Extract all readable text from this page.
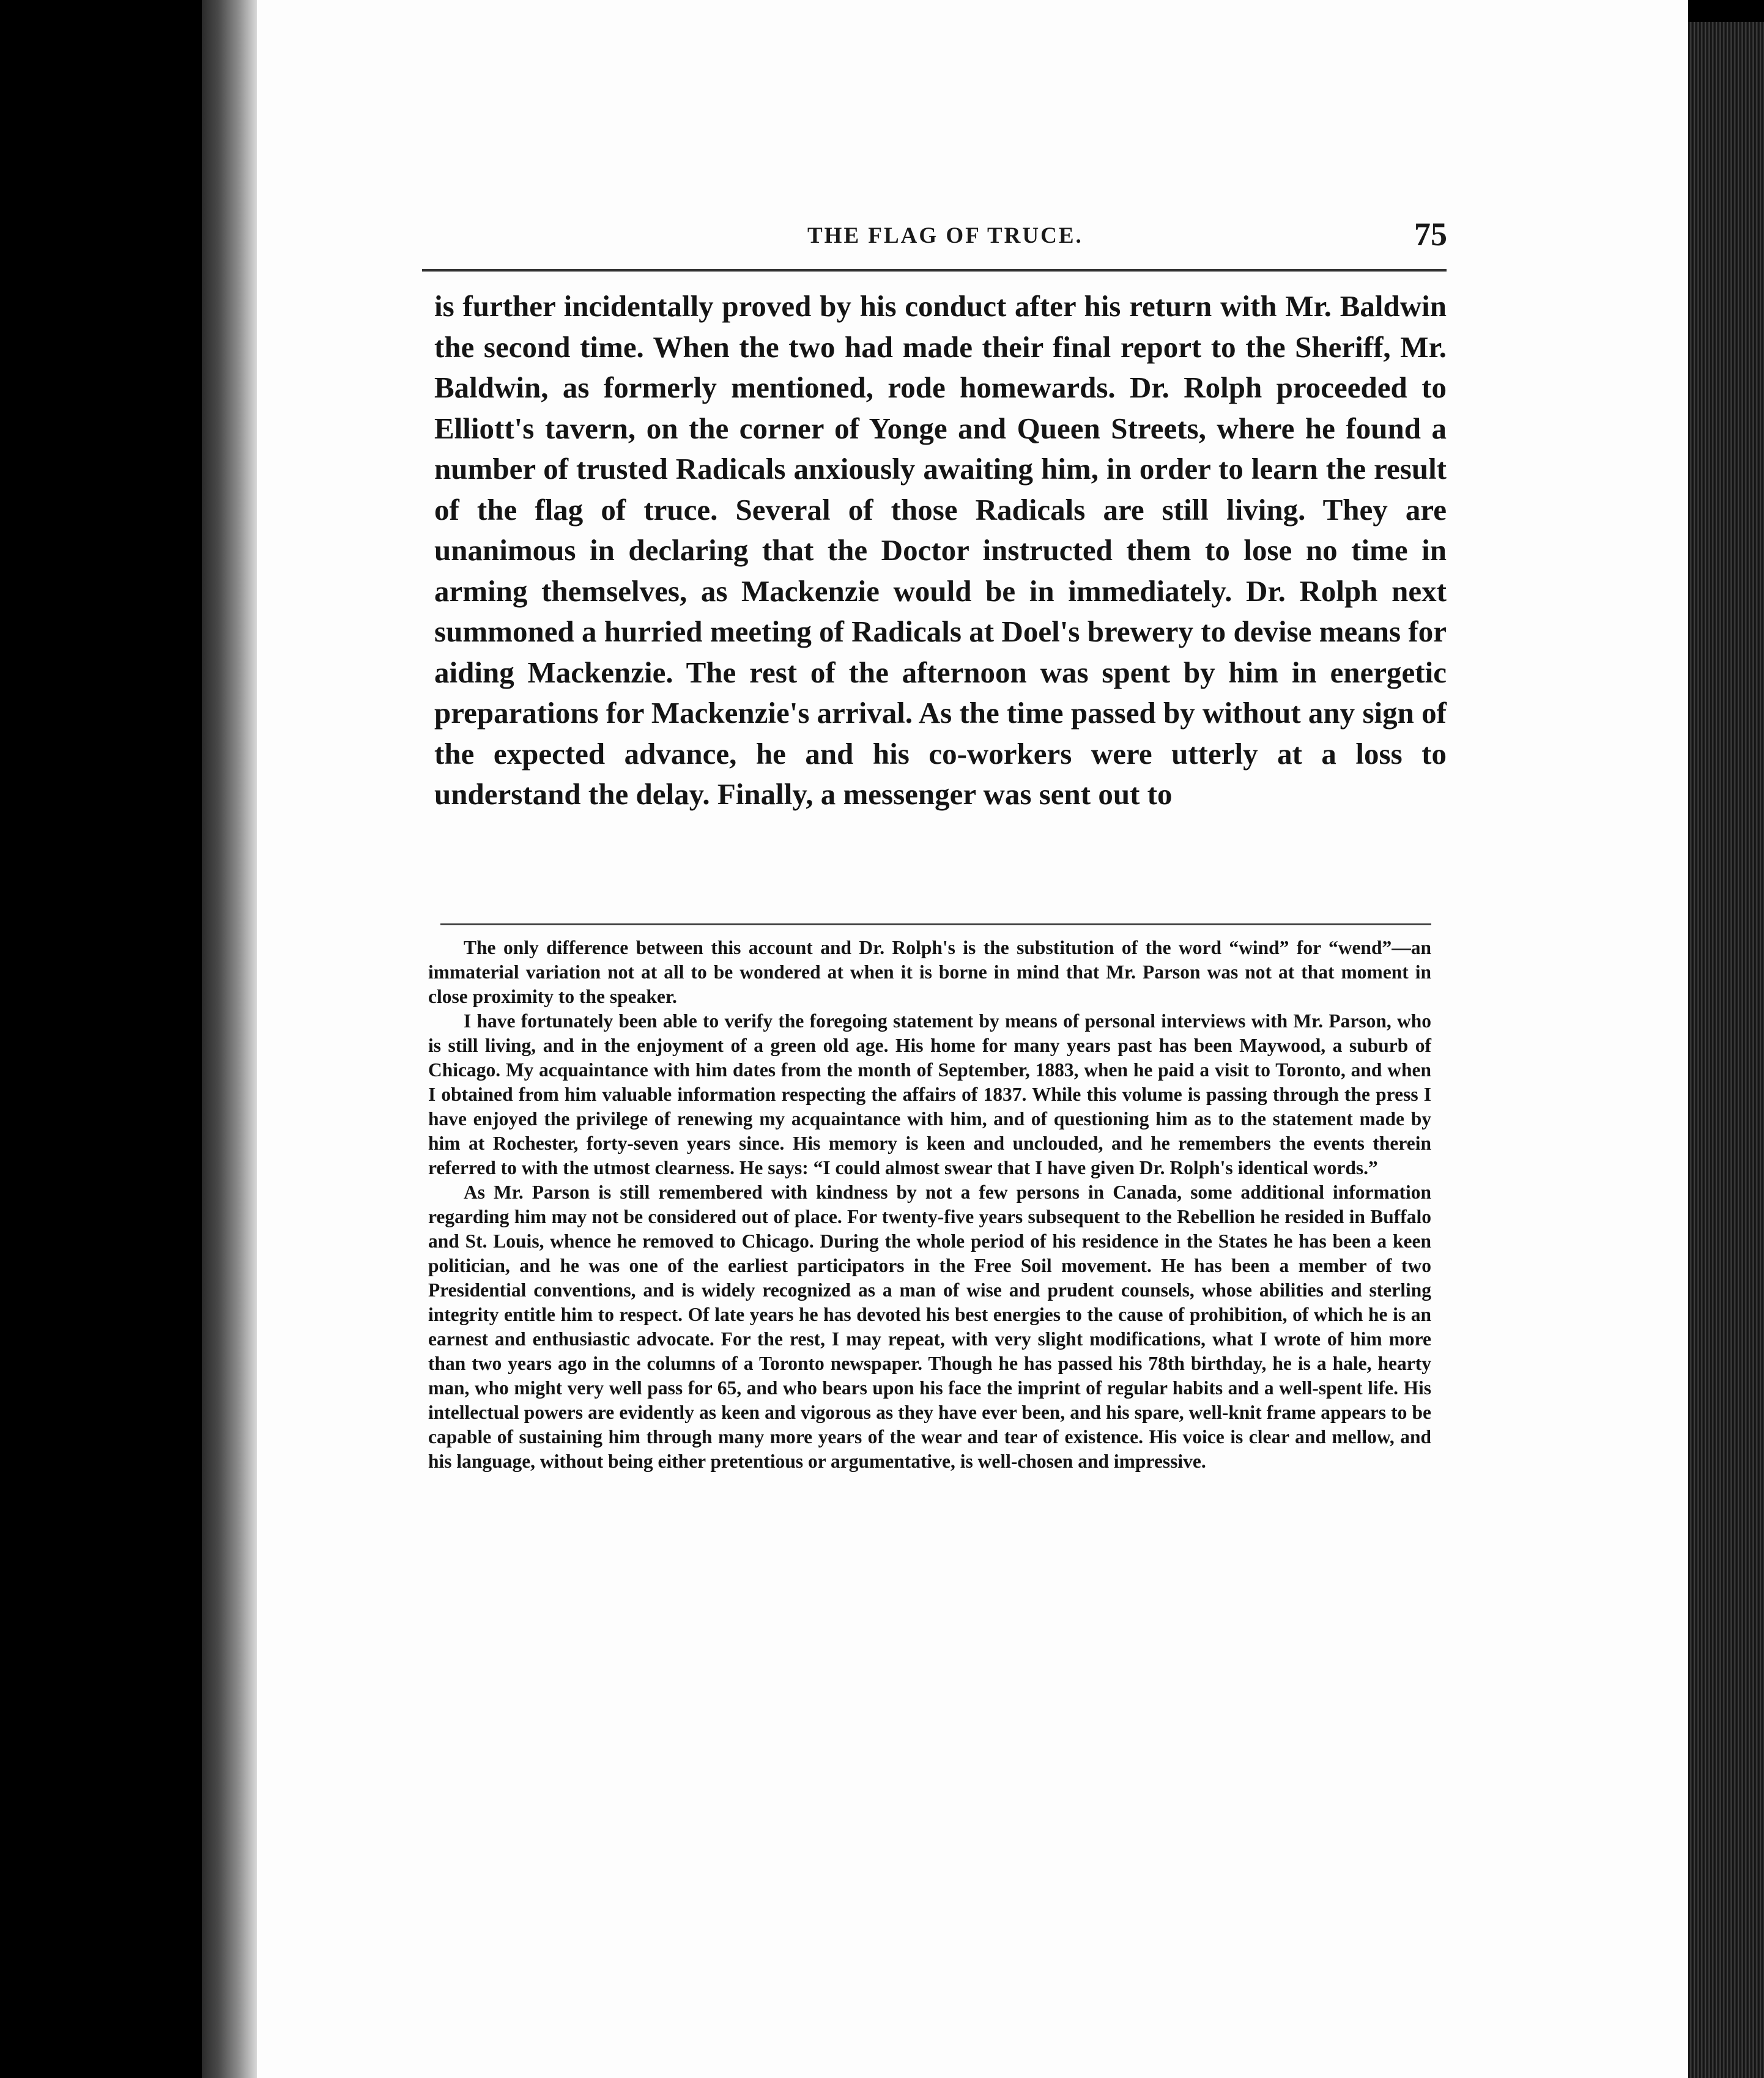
THE FLAG OF TRUCE.	75
is further incidentally proved by his conduct after his return with Mr. Baldwin the second time. When the two had made their final report to the Sheriff, Mr. Baldwin, as formerly mentioned, rode homewards. Dr. Rolph proceeded to Elliott's tavern, on the corner of Yonge and Queen Streets, where he found a number of trusted Radicals anxiously awaiting him, in order to learn the result of the flag of truce. Several of those Radicals are still living. They are unanimous in declaring that the Doctor instructed them to lose no time in arming themselves, as Mackenzie would be in immediately. Dr. Rolph next summoned a hurried meeting of Radicals at Doel's brewery to devise means for aiding Mackenzie. The rest of the afternoon was spent by him in energetic preparations for Mackenzie's arrival. As the time passed by without any sign of the expected advance, he and his co-workers were utterly at a loss to understand the delay. Finally, a messenger was sent out to

The only difference between this account and Dr. Rolph's is the substitution of the word “wind” for “wend”—an immaterial variation not at all to be wondered at when it is borne in mind that Mr. Parson was not at that moment in close proximity to the speaker.

I have fortunately been able to verify the foregoing statement by means of personal interviews with Mr. Parson, who is still living, and in the enjoyment of a green old age. His home for many years past has been Maywood, a suburb of Chicago. My acquaintance with him dates from the month of September, 1883, when he paid a visit to Toronto, and when I obtained from him valuable information respecting the affairs of 1837. While this volume is passing through the press I have enjoyed the privilege of renewing my acquaintance with him, and of questioning him as to the statement made by him at Rochester, forty-seven years since. His memory is keen and unclouded, and he remembers the events therein referred to with the utmost clearness. He says: “I could almost swear that I have given Dr. Rolph's identical words.”

As Mr. Parson is still remembered with kindness by not a few persons in Canada, some additional information regarding him may not be considered out of place. For twenty-five years subsequent to the Rebellion he resided in Buffalo and St. Louis, whence he removed to Chicago. During the whole period of his residence in the States he has been a keen politician, and he was one of the earliest participators in the Free Soil movement. He has been a member of two Presidential conventions, and is widely recognized as a man of wise and prudent counsels, whose abilities and sterling integrity entitle him to respect. Of late years he has devoted his best energies to the cause of prohibition, of which he is an earnest and enthusiastic advocate. For the rest, I may repeat, with very slight modifications, what I wrote of him more than two years ago in the columns of a Toronto newspaper. Though he has passed his 78th birthday, he is a hale, hearty man, who might very well pass for 65, and who bears upon his face the imprint of regular habits and a well-spent life. His intellectual powers are evidently as keen and vigorous as they have ever been, and his spare, well-knit frame appears to be capable of sustaining him through many more years of the wear and tear of existence. His voice is clear and mellow, and his language, without being either pretentious or argumentative, is well-chosen and impressive.
